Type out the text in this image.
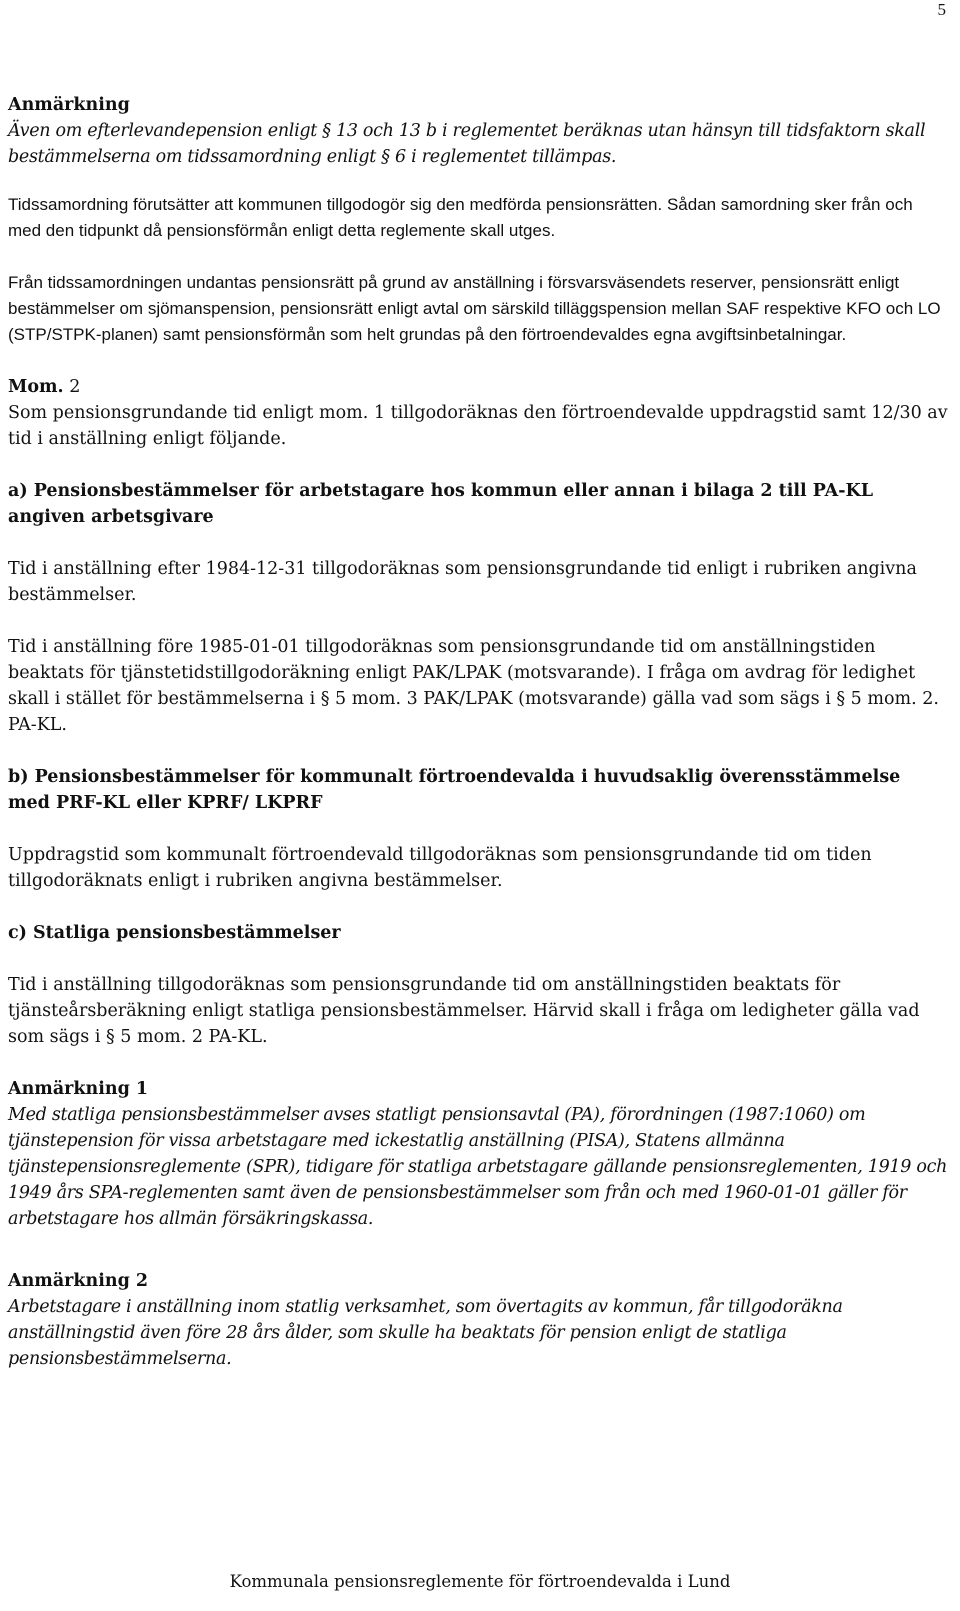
5

Anmärkning

Även om efterlevandepension enligt § 13 och 13 b i reglementet beräknas utan hänsyn till tidsfaktorn skall bestämmelserna om tidssamordning enligt § 6 i reglementet tillämpas.

Tidssamordning förutsätter att kommunen tillgodogör sig den medförda pensionsrätten. Sådan samordning sker från och med den tidpunkt då pensionsförmån enligt detta reglemente skall utges.

Från tidssamordningen undantas pensionsrätt på grund av anställning i försvarsväsendets reserver, pensionsrätt enligt bestämmelser om sjömanspension, pensionsrätt enligt avtal om särskild tilläggspension mellan SAF respektive KFO och LO (STP/STPK-planen) samt pensionsförmån som helt grundas på den förtroendevaldes egna avgiftsinbetalningar.

Mom. 2

Som pensionsgrundande tid enligt mom. 1 tillgodoräknas den förtroendevalde uppdragstid samt 12/30 av tid i anställning enligt följande.

a) Pensionsbestämmelser för arbetstagare hos kommun eller annan i bilaga 2 till PA-KL angiven arbetsgivare

Tid i anställning efter 1984-12-31 tillgodoräknas som pensionsgrundande tid enligt i rubriken angivna bestämmelser.

Tid i anställning före 1985-01-01 tillgodoräknas som pensionsgrundande tid om anställningstiden beaktats för tjänstetidstillgodoräkning enligt PAK/LPAK (motsvarande). I fråga om avdrag för ledighet skall i stället för bestämmelserna i § 5 mom. 3 PAK/LPAK (motsvarande) gälla vad som sägs i § 5 mom. 2. PA-KL.

b) Pensionsbestämmelser för kommunalt förtroendevalda i huvudsaklig överensstämmelse med PRF-KL eller KPRF/ LKPRF

Uppdragstid som kommunalt förtroendevald tillgodoräknas som pensionsgrundande tid om tiden tillgodoräknats enligt i rubriken angivna bestämmelser.

c) Statliga pensionsbestämmelser

Tid i anställning tillgodoräknas som pensionsgrundande tid om anställningstiden beaktats för tjänsteårsberäkning enligt statliga pensionsbestämmelser. Härvid skall i fråga om ledigheter gälla vad som sägs i § 5 mom. 2 PA-KL.

Anmärkning 1

Med statliga pensionsbestämmelser avses statligt pensionsavtal (PA), förordningen (1987:1060) om tjänstepension för vissa arbetstagare med ickestatlig anställning (PISA), Statens allmänna tjänstepensionsreglemente (SPR), tidigare för statliga arbetstagare gällande pensionsreglementen, 1919 och 1949 års SPA-reglementen samt även de pensionsbestämmelser som från och med 1960-01-01 gäller för arbetstagare hos allmän försäkringskassa.

Anmärkning 2

Arbetstagare i anställning inom statlig verksamhet, som övertagits av kommun, får tillgodoräkna anställningstid även före 28 års ålder, som skulle ha beaktats för pension enligt de statliga pensionsbestämmelserna.

Kommunala pensionsreglemente för förtroendevalda i Lund
